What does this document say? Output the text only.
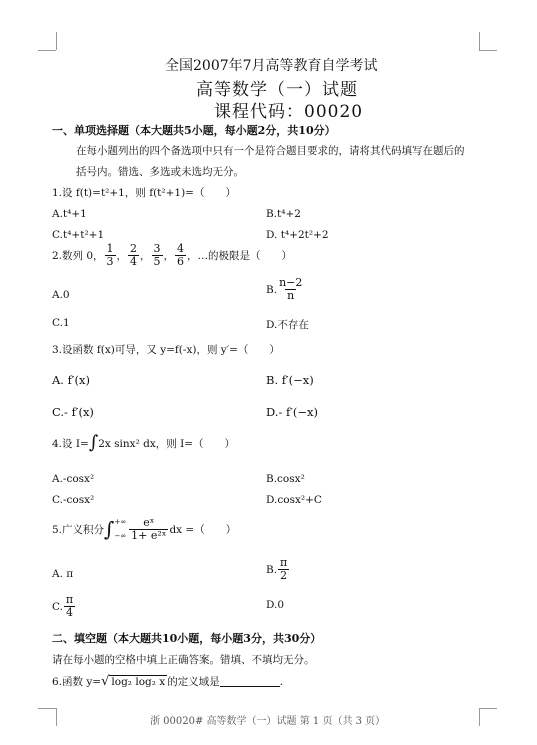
全国2007年7月高等教育自学考试
高等数学（一）试题
课程代码：00020
一、单项选择题（本大题共5小题，每小题2分，共10分）
在每小题列出的四个备选项中只有一个是符合题目要求的，请将其代码填写在题后的
括号内。错选、多选或未选均无分。
1.设 f(t)=t²+1，则 f(t²+1)=（　　）
A.t⁴+1	B.t⁴+2
C.t⁴+t²+1	D. t⁴+2t²+2
2.数列 0， $\frac{1}{3}$ ， $\frac{2}{4}$ ， $\frac{3}{5}$ ， $\frac{4}{6}$ ，…的极限是（　　）
A.0	B. $\frac{n-2}{n}$
C.1	D.不存在
3.设函数 f(x)可导，又 y=f(-x)，则 y′=（　　）
A. f′(x)	B. f′(−x)
C.- f′(x)	D.- f′(−x)
4.设 I= ∫ 2x sinx² dx，则 I=（　　）
A.-cosx²	B.cosx²
C.-cosx²	D.cosx²+C
5.广义积分 ∫ +∞
−∞ $\frac{\text{eˣ}}{\text{1+ e²ˣ}}$ dx =（　　）
A. π	B. $\frac{\pi}{2}$
C. $\frac{\pi}{4}$	D.0
二、填空题（本大题共10小题，每小题3分，共30分）
请在每小题的空格中填上正确答案。错填、不填均无分。
6.函数 y= √ log₂ log₂ x 的定义域是	.
浙 00020# 高等数学（一）试题 第 1 页（共 3 页）
